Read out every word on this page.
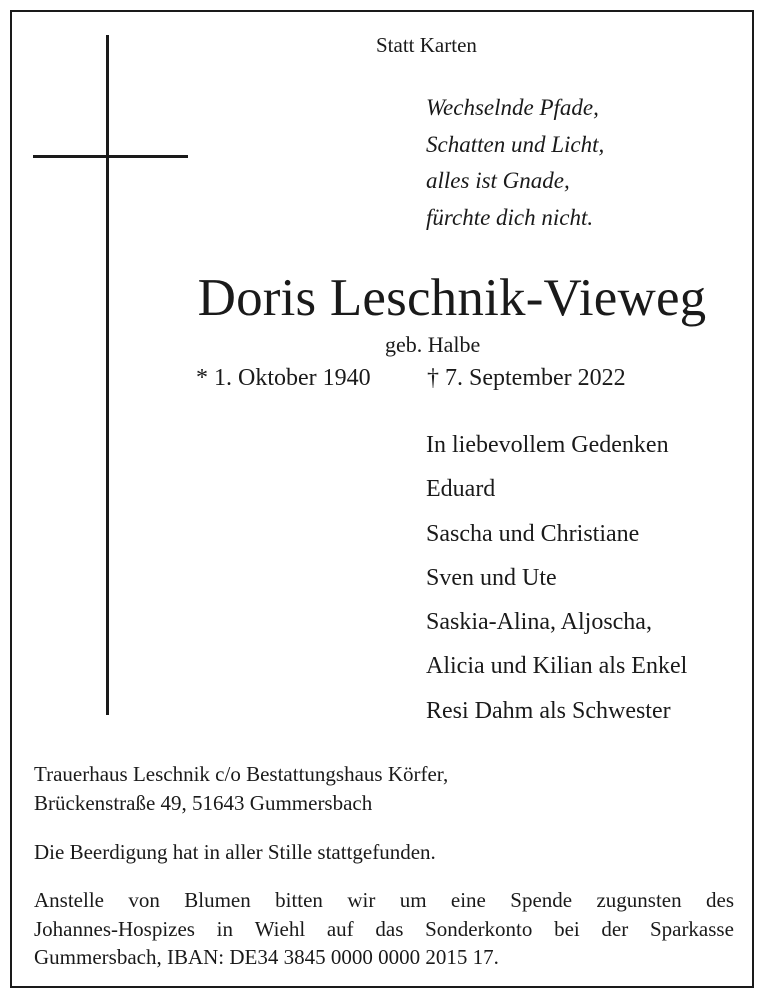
Statt Karten
Wechselnde Pfade,
Schatten und Licht,
alles ist Gnade,
fürchte dich nicht.
Doris Leschnik-Vieweg
geb. Halbe
* 1. Oktober 1940 † 7. September 2022
In liebevollem Gedenken
Eduard
Sascha und Christiane
Sven und Ute
Saskia-Alina, Aljoscha,
Alicia und Kilian als Enkel
Resi Dahm als Schwester
Trauerhaus Leschnik c/o Bestattungshaus Körfer,
Brückenstraße 49, 51643 Gummersbach
Die Beerdigung hat in aller Stille stattgefunden.
Anstelle von Blumen bitten wir um eine Spende zugunsten des
Johannes-Hospizes in Wiehl auf das Sonderkonto bei der Sparkasse
Gummersbach, IBAN: DE34 3845 0000 0000 2015 17.
